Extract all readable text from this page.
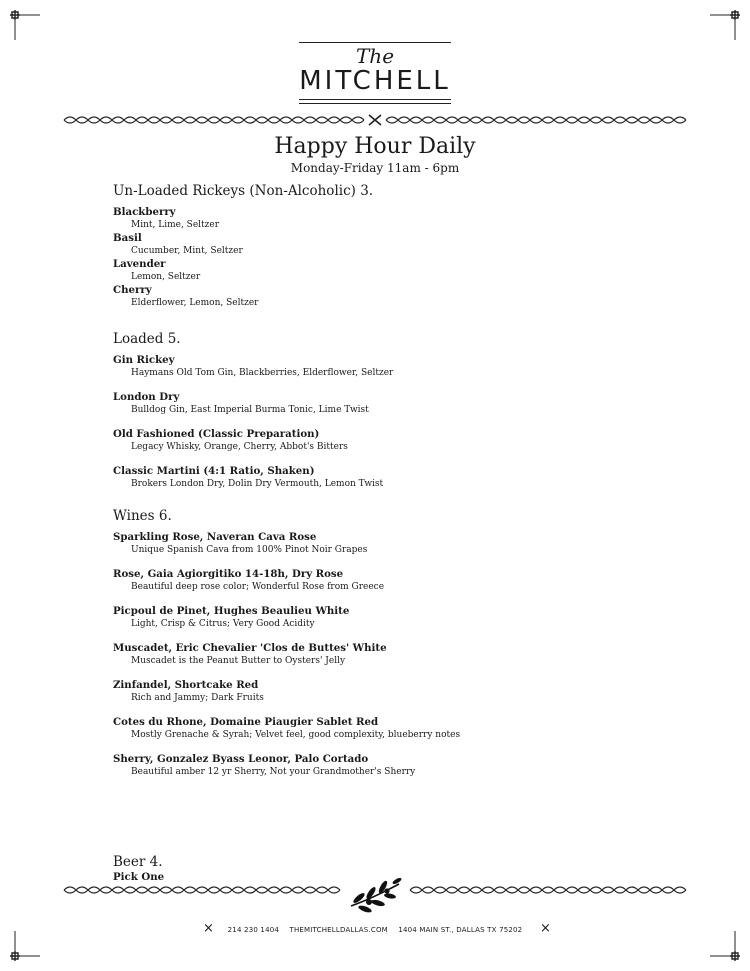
The
MITCHELL
Happy Hour Daily
Monday-Friday 11am - 6pm
Un-Loaded Rickeys (Non-Alcoholic) 3.
Blackberry
Mint, Lime, Seltzer
Basil
Cucumber, Mint, Seltzer
Lavender
Lemon, Seltzer
Cherry
Elderflower, Lemon, Seltzer
Loaded 5.
Gin Rickey
Haymans Old Tom Gin, Blackberries, Elderflower, Seltzer
London Dry
Bulldog Gin, East Imperial Burma Tonic, Lime Twist
Old Fashioned (Classic Preparation)
Legacy Whisky, Orange, Cherry, Abbot's Bitters
Classic Martini (4:1 Ratio, Shaken)
Brokers London Dry, Dolin Dry Vermouth, Lemon Twist
Wines 6.
Sparkling Rose, Naveran Cava Rose
Unique Spanish Cava from 100% Pinot Noir Grapes
Rose, Gaia Agiorgitiko 14-18h, Dry Rose
Beautiful deep rose color; Wonderful Rose from Greece
Picpoul de Pinet, Hughes Beaulieu White
Light, Crisp & Citrus; Very Good Acidity
Muscadet, Eric Chevalier 'Clos de Buttes' White
Muscadet is the Peanut Butter to Oysters' Jelly
Zinfandel, Shortcake Red
Rich and Jammy; Dark Fruits
Cotes du Rhone, Domaine Piaugier Sablet Red
Mostly Grenache & Syrah; Velvet feel, good complexity, blueberry notes
Sherry, Gonzalez Byass Leonor, Palo Cortado
Beautiful amber 12 yr Sherry, Not your Grandmother's Sherry
Beer 4.
Pick One
×	×
214 230 1404 THEMITCHELLDALLAS.COM 1404 MAIN ST., DALLAS TX 75202
